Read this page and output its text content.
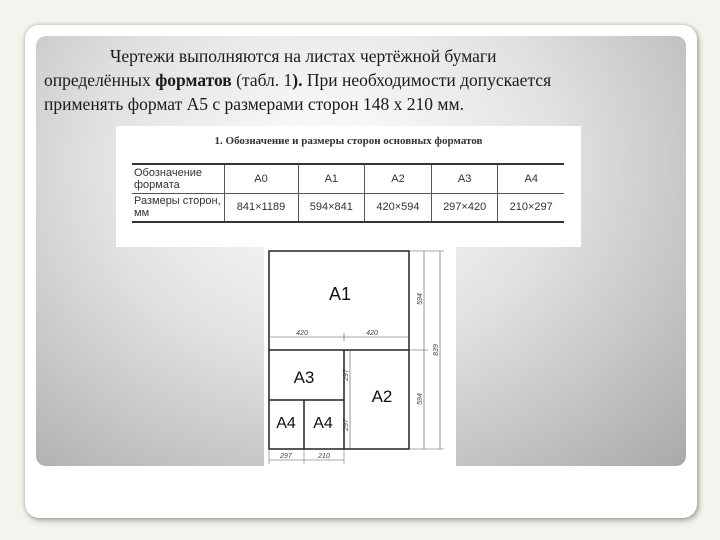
Чертежи выполняются на листах чертёжной бумаги

определённых форматов (табл. 1). При необходимости допускается
применять формат А5 с размерами сторон 148 х 210 мм.
1. Обозначение и размеры сторон основных форматов
Обозначение формата	А0	А1	А2	А3	А4
Размеры сторон, мм	841×1189	594×841	420×594	297×420	210×297
A1
A3
A2
A4 A4
420	420
594
839
594
297
297
297	210
